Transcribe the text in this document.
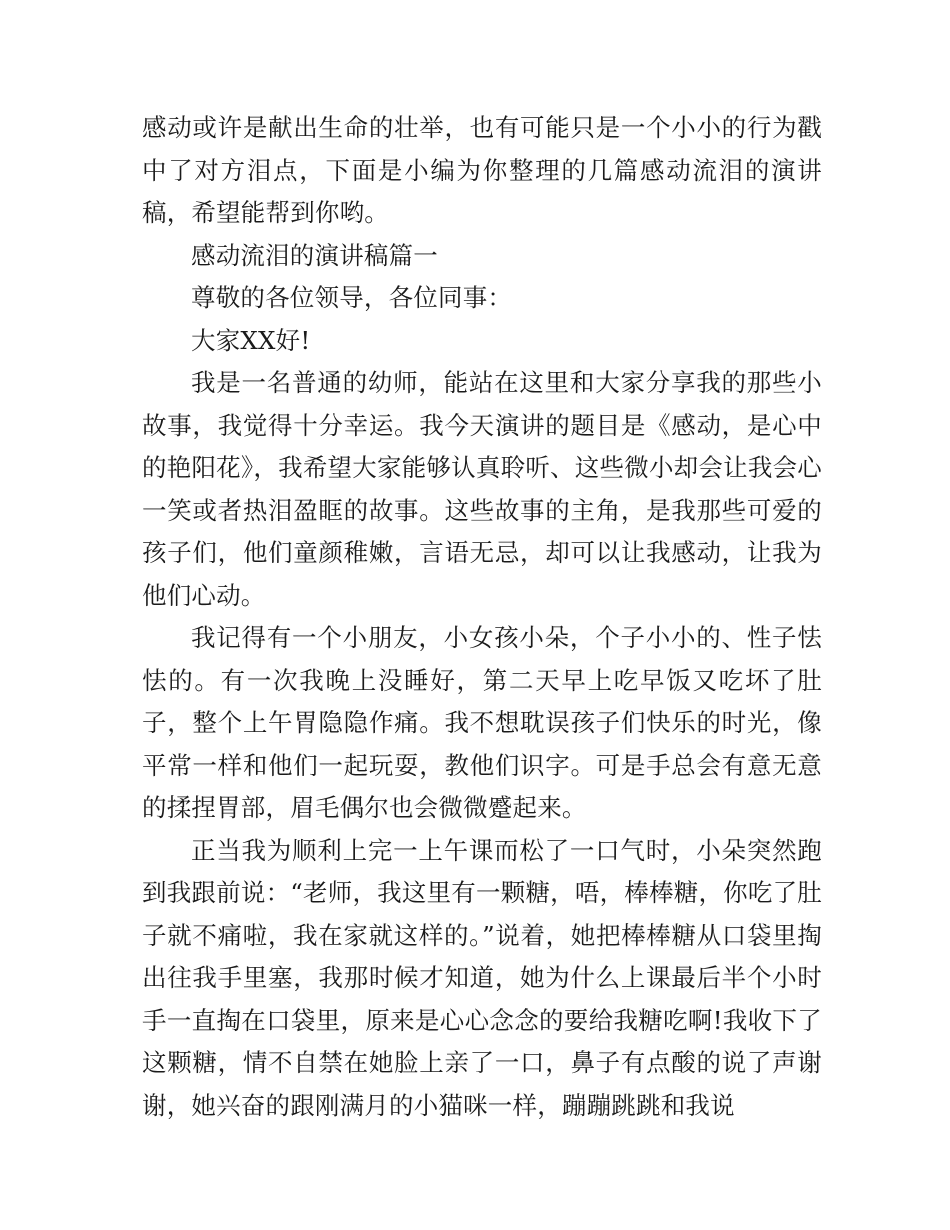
感动或许是献出生命的壮举，也有可能只是一个小小的行为戳中了对方泪点，下面是小编为你整理的几篇感动流泪的演讲稿，希望能帮到你哟。

感动流泪的演讲稿篇一

尊敬的各位领导，各位同事：

大家XX好!

我是一名普通的幼师，能站在这里和大家分享我的那些小故事，我觉得十分幸运。我今天演讲的题目是《感动，是心中的艳阳花》，我希望大家能够认真聆听、这些微小却会让我会心一笑或者热泪盈眶的故事。这些故事的主角，是我那些可爱的孩子们，他们童颜稚嫩，言语无忌，却可以让我感动，让我为他们心动。

我记得有一个小朋友，小女孩小朵，个子小小的、性子怯怯的。有一次我晚上没睡好，第二天早上吃早饭又吃坏了肚子，整个上午胃隐隐作痛。我不想耽误孩子们快乐的时光，像平常一样和他们一起玩耍，教他们识字。可是手总会有意无意的揉捏胃部，眉毛偶尔也会微微蹙起来。

正当我为顺利上完一上午课而松了一口气时，小朵突然跑到我跟前说：“老师，我这里有一颗糖，唔，棒棒糖，你吃了肚子就不痛啦，我在家就这样的。”说着，她把棒棒糖从口袋里掏出往我手里塞，我那时候才知道，她为什么上课最后半个小时手一直掏在口袋里，原来是心心念念的要给我糖吃啊!我收下了这颗糖，情不自禁在她脸上亲了一口，鼻子有点酸的说了声谢谢，她兴奋的跟刚满月的小猫咪一样，蹦蹦跳跳和我说
